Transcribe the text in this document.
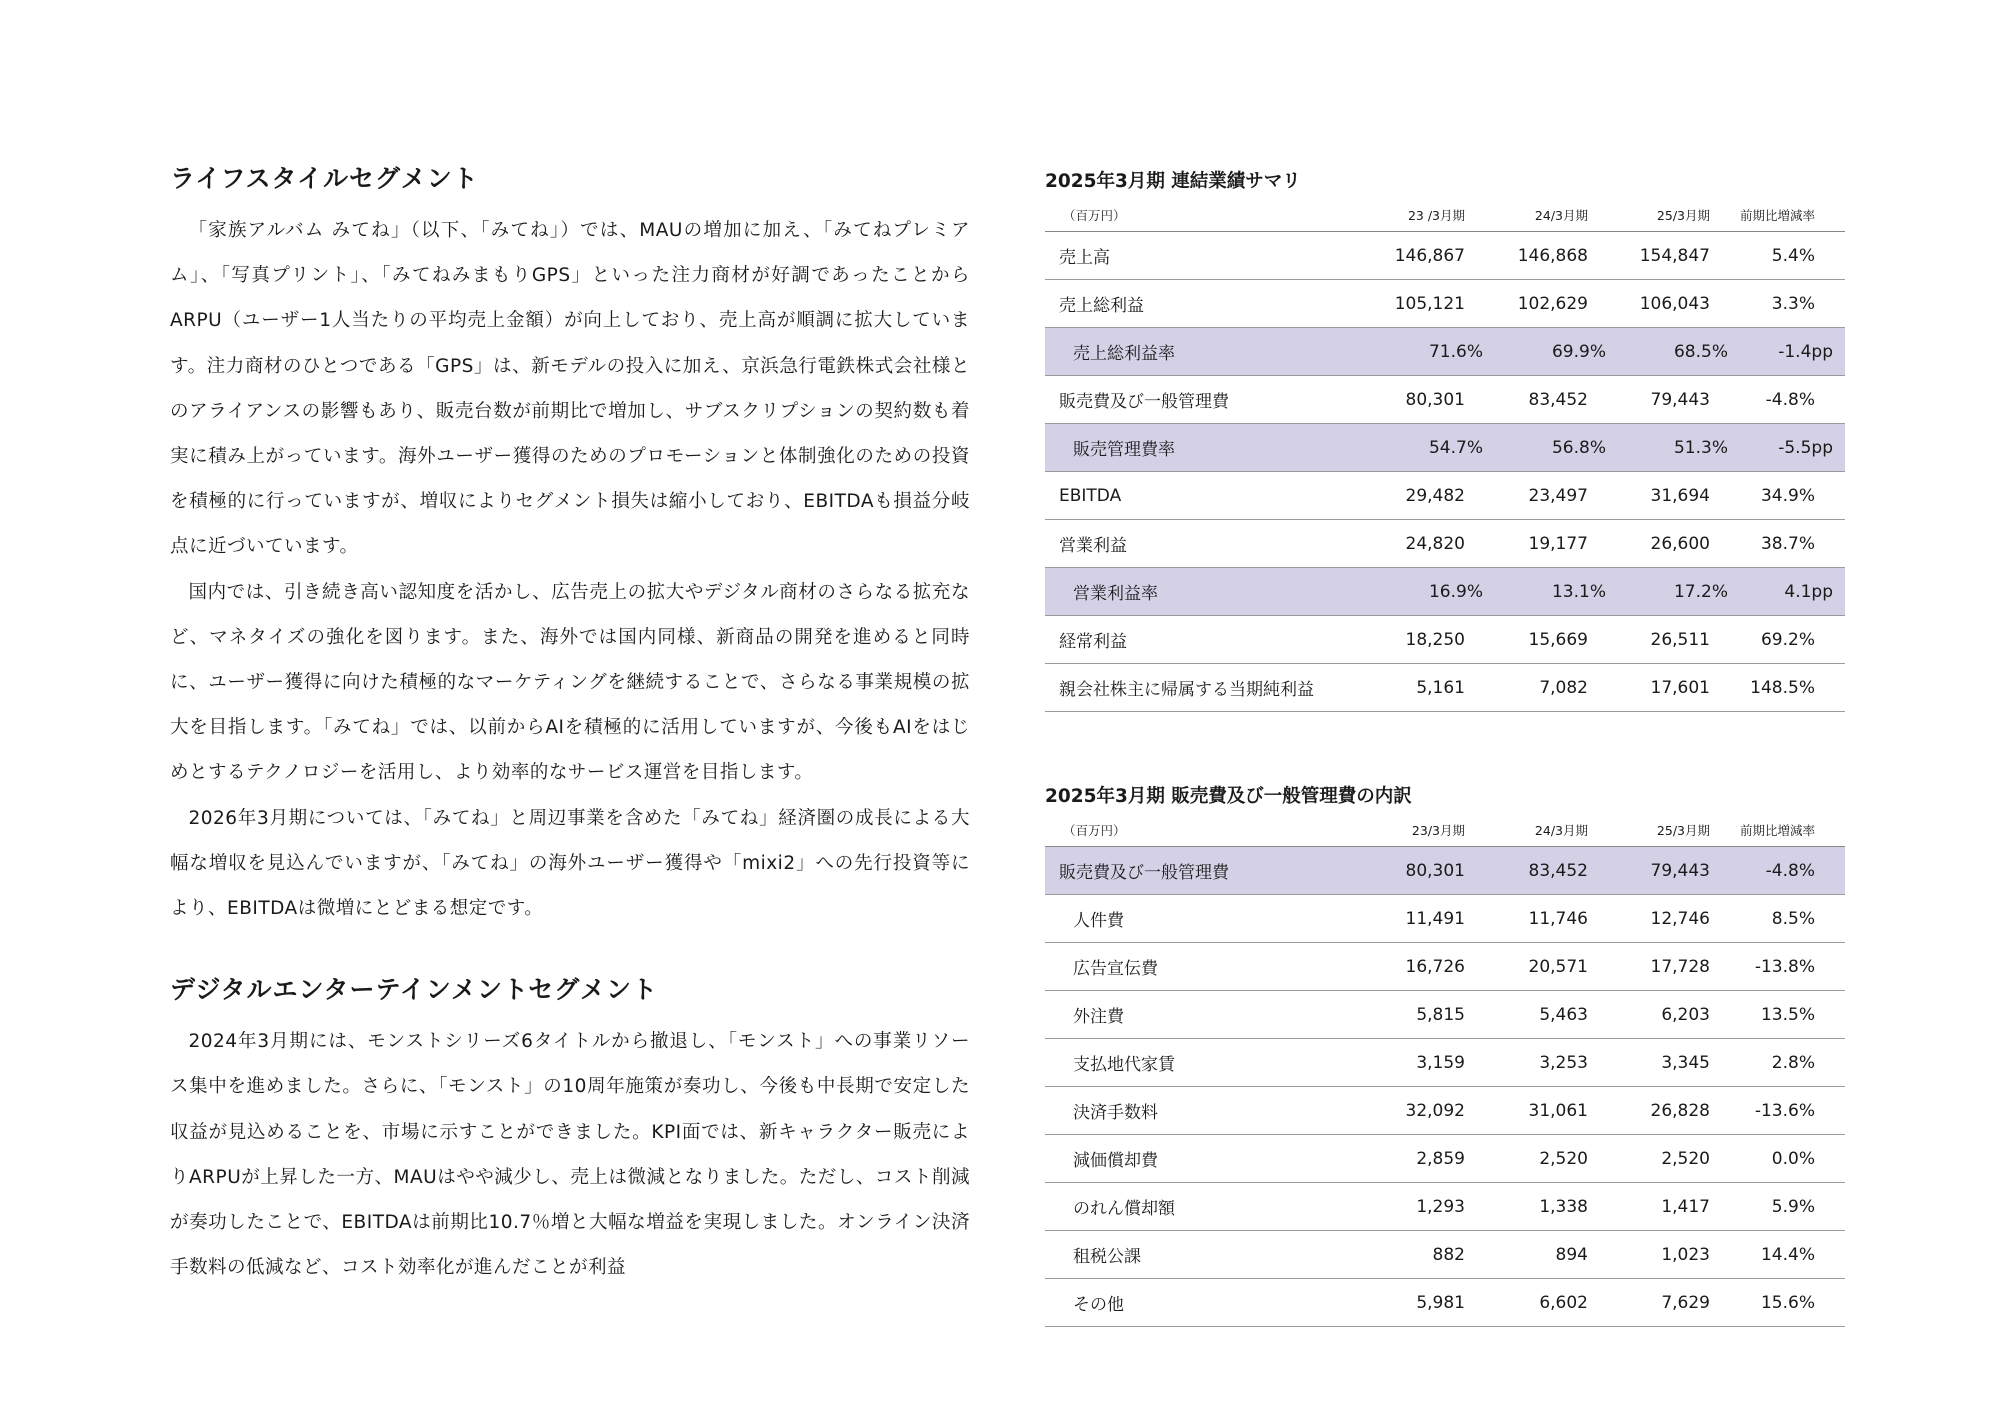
ライフスタイルセグメント

「家族アルバム みてね」（以下、「みてね」）では、MAUの増加に加え、「みてねプレミアム」、「写真プリント」、「みてねみまもりGPS」といった注力商材が好調であったことからARPU（ユーザー1人当たりの平均売上金額）が向上しており、売上高が順調に拡大しています。注力商材のひとつである「GPS」は、新モデルの投入に加え、京浜急行電鉄株式会社様とのアライアンスの影響もあり、販売台数が前期比で増加し、サブスクリプションの契約数も着実に積み上がっています。海外ユーザー獲得のためのプロモーションと体制強化のための投資を積極的に行っていますが、増収によりセグメント損失は縮小しており、EBITDAも損益分岐点に近づいています。

国内では、引き続き高い認知度を活かし、広告売上の拡大やデジタル商材のさらなる拡充など、マネタイズの強化を図ります。また、海外では国内同様、新商品の開発を進めると同時に、ユーザー獲得に向けた積極的なマーケティングを継続することで、さらなる事業規模の拡大を目指します。「みてね」では、以前からAIを積極的に活用していますが、今後もAIをはじめとするテクノロジーを活用し、より効率的なサービス運営を目指します。

2026年3月期については、「みてね」と周辺事業を含めた「みてね」経済圏の成長による大幅な増収を見込んでいますが、「みてね」の海外ユーザー獲得や「mixi2」への先行投資等により、EBITDAは微増にとどまる想定です。

デジタルエンターテインメントセグメント

2024年3月期には、モンストシリーズ6タイトルから撤退し、「モンスト」への事業リソース集中を進めました。さらに、「モンスト」の10周年施策が奏功し、今後も中長期で安定した収益が見込めることを、市場に示すことができました。KPI面では、新キャラクター販売によりARPUが上昇した一方、MAUはやや減少し、売上は微減となりました。ただし、コスト削減が奏功したことで、EBITDAは前期比10.7％増と大幅な増益を実現しました。オンライン決済手数料の低減など、コスト効率化が進んだことが利益

2025年3月期 連結業績サマリ
（百万円）	23 /3月期	24/3月期	25/3月期	前期比増減率
売上高	146,867	146,868	154,847	5.4%
売上総利益	105,121	102,629	106,043	3.3%
売上総利益率	71.6%	69.9%	68.5%	-1.4pp
販売費及び一般管理費	80,301	83,452	79,443	-4.8%
販売管理費率	54.7%	56.8%	51.3%	-5.5pp
EBITDA	29,482	23,497	31,694	34.9%
営業利益	24,820	19,177	26,600	38.7%
営業利益率	16.9%	13.1%	17.2%	4.1pp
経常利益	18,250	15,669	26,511	69.2%
親会社株主に帰属する当期純利益	5,161	7,082	17,601	148.5%
2025年3月期 販売費及び一般管理費の内訳
（百万円）	23/3月期	24/3月期	25/3月期	前期比増減率
販売費及び一般管理費	80,301	83,452	79,443	-4.8%
人件費	11,491	11,746	12,746	8.5%
広告宣伝費	16,726	20,571	17,728	-13.8%
外注費	5,815	5,463	6,203	13.5%
支払地代家賃	3,159	3,253	3,345	2.8%
決済手数料	32,092	31,061	26,828	-13.6%
減価償却費	2,859	2,520	2,520	0.0%
のれん償却額	1,293	1,338	1,417	5.9%
租税公課	882	894	1,023	14.4%
その他	5,981	6,602	7,629	15.6%
